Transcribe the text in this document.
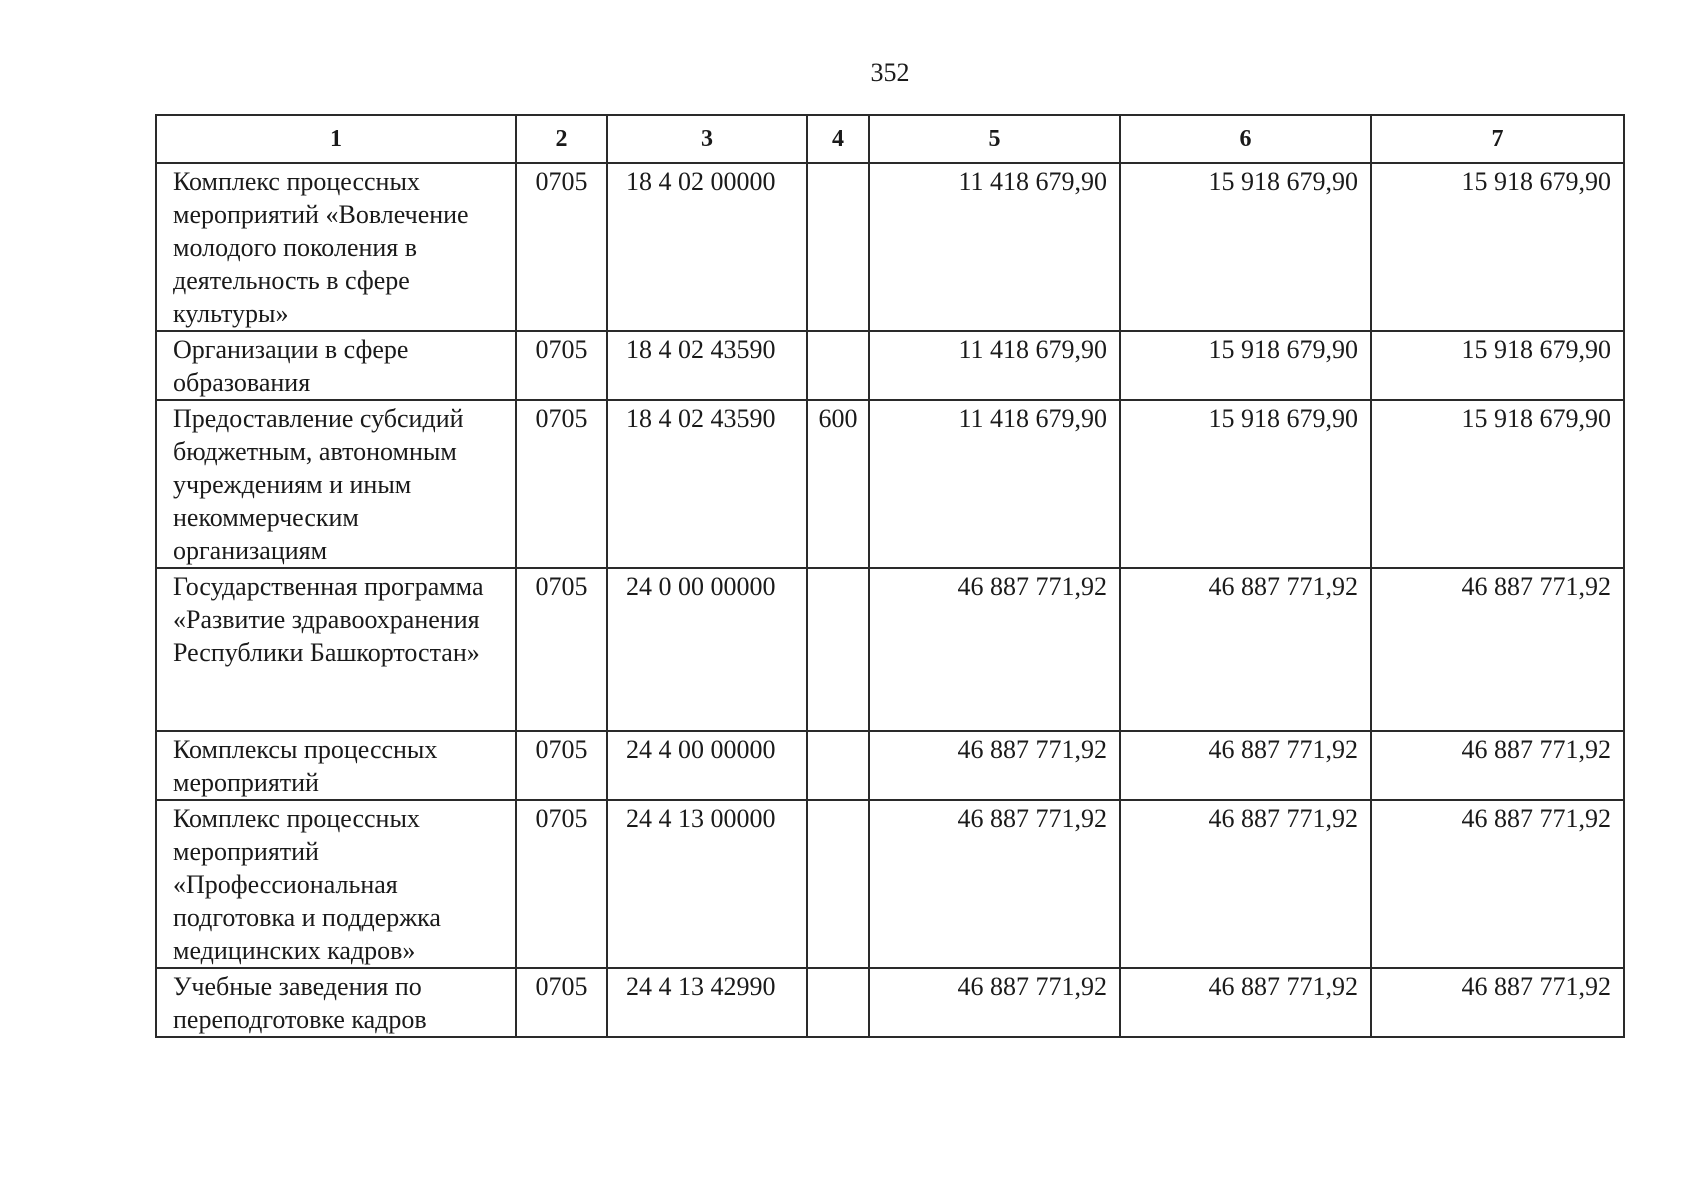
352
1	2	3	4	5	6	7
Комплекс процессных мероприятий «Вовлечение молодого поколения в деятельность в сфере культуры»	0705	18 4 02 00000		11 418 679,90	15 918 679,90	15 918 679,90
Организации в сфере образования	0705	18 4 02 43590		11 418 679,90	15 918 679,90	15 918 679,90
Предоставление субсидий бюджетным, автономным учреждениям и иным некоммерческим организациям	0705	18 4 02 43590	600	11 418 679,90	15 918 679,90	15 918 679,90
Государственная программа «Развитие здравоохранения Республики Башкортостан»	0705	24 0 00 00000		46 887 771,92	46 887 771,92	46 887 771,92
Комплексы процессных мероприятий	0705	24 4 00 00000		46 887 771,92	46 887 771,92	46 887 771,92
Комплекс процессных мероприятий «Профессиональная подготовка и поддержка медицинских кадров»	0705	24 4 13 00000		46 887 771,92	46 887 771,92	46 887 771,92
Учебные заведения по переподготовке кадров	0705	24 4 13 42990		46 887 771,92	46 887 771,92	46 887 771,92
